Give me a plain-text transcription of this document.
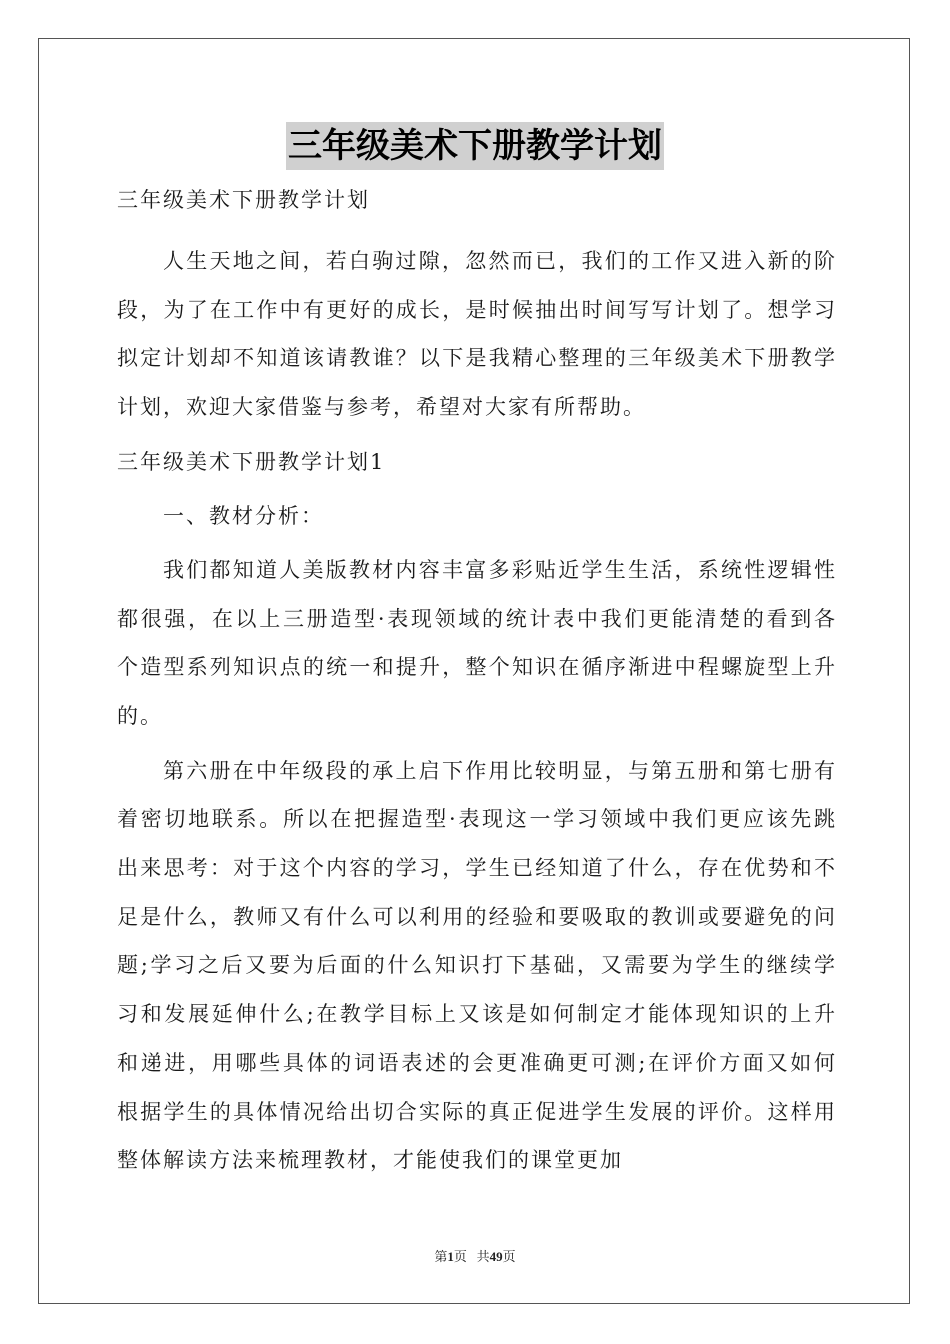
三年级美术下册教学计划
三年级美术下册教学计划

人生天地之间，若白驹过隙，忽然而已，我们的工作又进入新的阶段，为了在工作中有更好的成长，是时候抽出时间写写计划了。想学习拟定计划却不知道该请教谁？以下是我精心整理的三年级美术下册教学计划，欢迎大家借鉴与参考，希望对大家有所帮助。

三年级美术下册教学计划1
一、教材分析：

我们都知道人美版教材内容丰富多彩贴近学生生活，系统性逻辑性都很强，在以上三册造型·表现领域的统计表中我们更能清楚的看到各个造型系列知识点的统一和提升，整个知识在循序渐进中程螺旋型上升的。

第六册在中年级段的承上启下作用比较明显，与第五册和第七册有着密切地联系。所以在把握造型·表现这一学习领域中我们更应该先跳出来思考：对于这个内容的学习，学生已经知道了什么，存在优势和不足是什么，教师又有什么可以利用的经验和要吸取的教训或要避免的问题;学习之后又要为后面的什么知识打下基础，又需要为学生的继续学习和发展延伸什么;在教学目标上又该是如何制定才能体现知识的上升和递进，用哪些具体的词语表述的会更准确更可测;在评价方面又如何根据学生的具体情况给出切合实际的真正促进学生发展的评价。这样用整体解读方法来梳理教材，才能使我们的课堂更加

第1页 共49页
